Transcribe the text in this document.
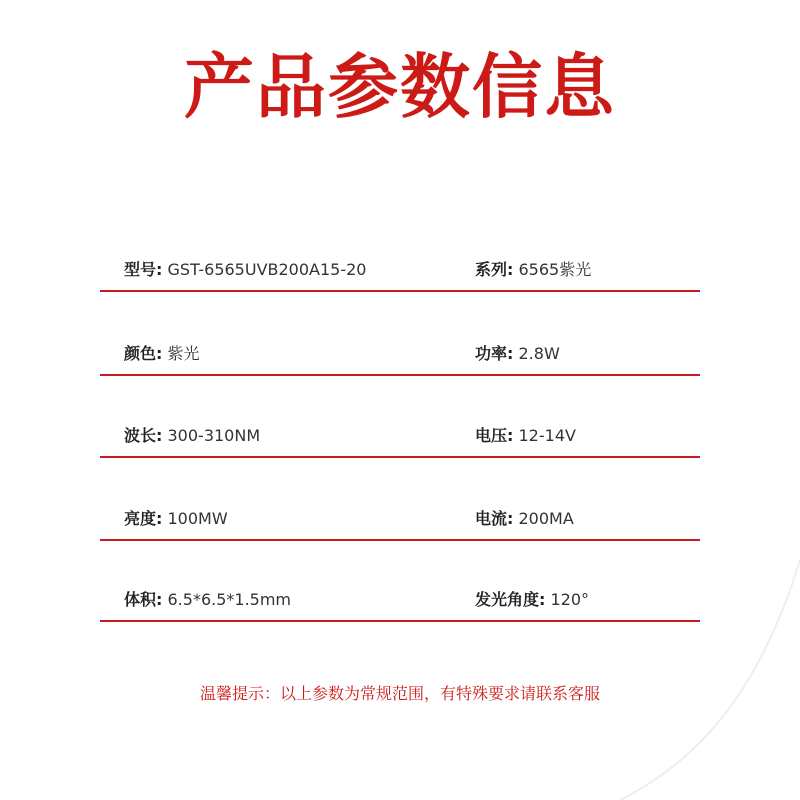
产品参数信息
型号: GST-6565UVB200A15-20	系列: 6565紫光
颜色: 紫光	功率: 2.8W
波长: 300-310NM	电压: 12-14V
亮度: 100MW	电流: 200MA
体积: 6.5*6.5*1.5mm	发光角度: 120°
温馨提示：以上参数为常规范围，有特殊要求请联系客服
